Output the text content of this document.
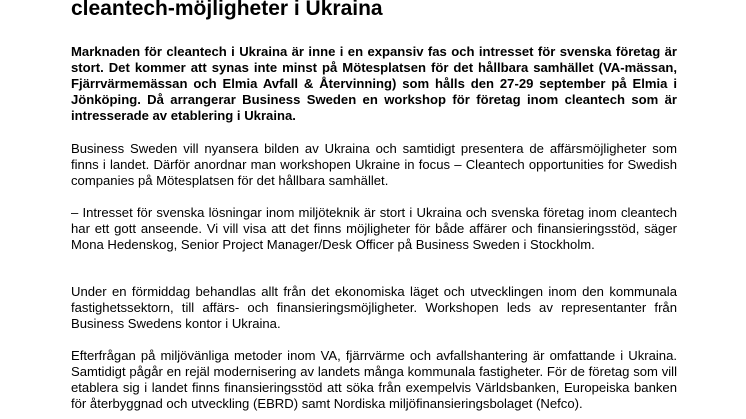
cleantech-möjligheter i Ukraina

Marknaden för cleantech i Ukraina är inne i en expansiv fas och intresset för svenska företag är stort. Det kommer att synas inte minst på Mötesplatsen för det hållbara samhället (VA-mässan, Fjärrvärmemässan och Elmia Avfall & Återvinning) som hålls den 27-29 september på Elmia i Jönköping. Då arrangerar Business Sweden en workshop för företag inom cleantech som är intresserade av etablering i Ukraina.

Business Sweden vill nyansera bilden av Ukraina och samtidigt presentera de affärsmöjligheter som finns i landet. Därför anordnar man workshopen Ukraine in focus – Cleantech opportunities for Swedish companies på Mötesplatsen för det hållbara samhället.

– Intresset för svenska lösningar inom miljöteknik är stort i Ukraina och svenska företag inom cleantech har ett gott anseende. Vi vill visa att det finns möjligheter för både affärer och finansieringsstöd, säger Mona Hedenskog, Senior Project Manager/Desk Officer på Business Sweden i Stockholm.

Under en förmiddag behandlas allt från det ekonomiska läget och utvecklingen inom den kommunala fastighetssektorn, till affärs- och finansieringsmöjligheter. Workshopen leds av representanter från Business Swedens kontor i Ukraina.

Efterfrågan på miljövänliga metoder inom VA, fjärrvärme och avfallshantering är omfattande i Ukraina. Samtidigt pågår en rejäl modernisering av landets många kommunala fastigheter. För de företag som vill etablera sig i landet finns finansieringsstöd att söka från exempelvis Världsbanken, Europeiska banken för återbyggnad och utveckling (EBRD) samt Nordiska miljöfinansieringsbolaget (Nefco).
